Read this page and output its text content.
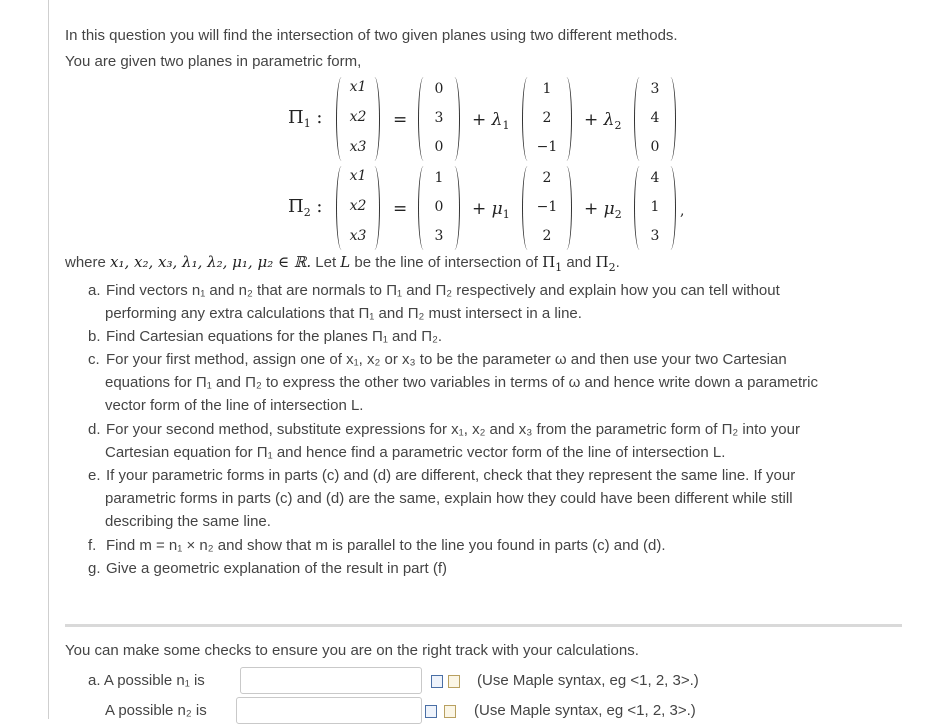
In this question you will find the intersection of two given planes using two different methods.
You are given two planes in parametric form,
$\Pi_1$ :
x1
x2
x3
=
0
3
0
+ $\lambda_1$
1
2
−1
+ $\lambda_2$
3
4
0
$\Pi_2$ :
x1
x2
x3
=
1
0
3
+ $\mu_1$
2
−1
2
+ $\mu_2$
4
1
3
,
where x₁, x₂, x₃, λ₁, λ₂, μ₁, μ₂ ∈ ℝ. Let L be the line of intersection of $\Pi_1$ and $\Pi_2$.
a. Find vectors n₁ and n₂ that are normals to Π₁ and Π₂ respectively and explain how you can tell without
performing any extra calculations that Π₁ and Π₂ must intersect in a line.
b. Find Cartesian equations for the planes Π₁ and Π₂.
c. For your first method, assign one of x₁, x₂ or x₃ to be the parameter ω and then use your two Cartesian
equations for Π₁ and Π₂ to express the other two variables in terms of ω and hence write down a parametric
vector form of the line of intersection L.
d. For your second method, substitute expressions for x₁, x₂ and x₃ from the parametric form of Π₂ into your
Cartesian equation for Π₁ and hence find a parametric vector form of the line of intersection L.
e. If your parametric forms in parts (c) and (d) are different, check that they represent the same line. If your
parametric forms in parts (c) and (d) are the same, explain how they could have been different while still
describing the same line.
f. Find m = n₁ × n₂ and show that m is parallel to the line you found in parts (c) and (d).
g. Give a geometric explanation of the result in part (f)
You can make some checks to ensure you are on the right track with your calculations.
a. A possible n₁ is	(Use Maple syntax, eg <1, 2, 3>.)
A possible n₂ is	(Use Maple syntax, eg <1, 2, 3>.)
